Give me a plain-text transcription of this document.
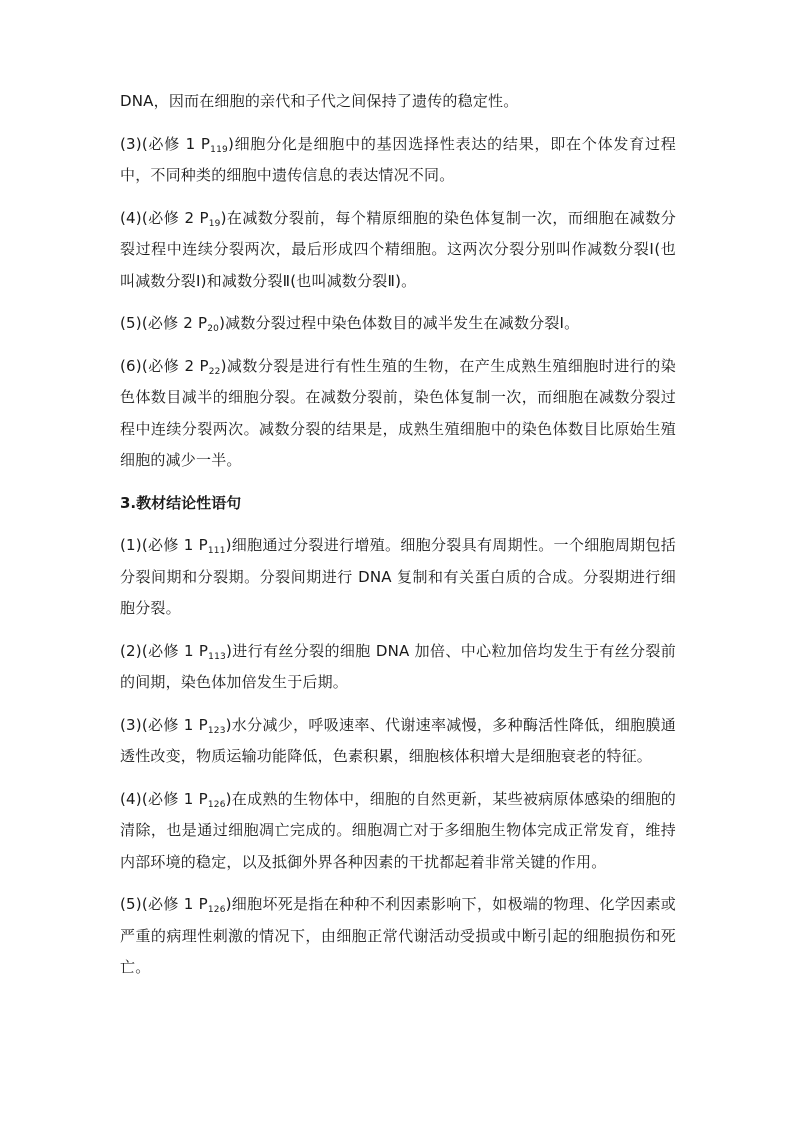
DNA，因而在细胞的亲代和子代之间保持了遗传的稳定性。

(3)(必修 1 $P_{119}$)细胞分化是细胞中的基因选择性表达的结果，即在个体发育过程中，不同种类的细胞中遗传信息的表达情况不同。

(4)(必修 2 $P_{19}$)在减数分裂前，每个精原细胞的染色体复制一次，而细胞在减数分裂过程中连续分裂两次，最后形成四个精细胞。这两次分裂分别叫作减数分裂Ⅰ(也叫减数分裂Ⅰ)和减数分裂Ⅱ(也叫减数分裂Ⅱ)。

(5)(必修 2 $P_{20}$)减数分裂过程中染色体数目的减半发生在减数分裂Ⅰ。

(6)(必修 2 $P_{22}$)减数分裂是进行有性生殖的生物，在产生成熟生殖细胞时进行的染色体数目减半的细胞分裂。在减数分裂前，染色体复制一次，而细胞在减数分裂过程中连续分裂两次。减数分裂的结果是，成熟生殖细胞中的染色体数目比原始生殖细胞的减少一半。

3.教材结论性语句

(1)(必修 1 $P_{111}$)细胞通过分裂进行增殖。细胞分裂具有周期性。一个细胞周期包括分裂间期和分裂期。分裂间期进行 DNA 复制和有关蛋白质的合成。分裂期进行细胞分裂。

(2)(必修 1 $P_{113}$)进行有丝分裂的细胞 DNA 加倍、中心粒加倍均发生于有丝分裂前的间期，染色体加倍发生于后期。

(3)(必修 1 $P_{123}$)水分减少，呼吸速率、代谢速率减慢，多种酶活性降低，细胞膜通透性改变，物质运输功能降低，色素积累，细胞核体积增大是细胞衰老的特征。

(4)(必修 1 $P_{126}$)在成熟的生物体中，细胞的自然更新，某些被病原体感染的细胞的清除，也是通过细胞凋亡完成的。细胞凋亡对于多细胞生物体完成正常发育，维持内部环境的稳定，以及抵御外界各种因素的干扰都起着非常关键的作用。

(5)(必修 1 $P_{126}$)细胞坏死是指在种种不利因素影响下，如极端的物理、化学因素或严重的病理性刺激的情况下，由细胞正常代谢活动受损或中断引起的细胞损伤和死亡。
